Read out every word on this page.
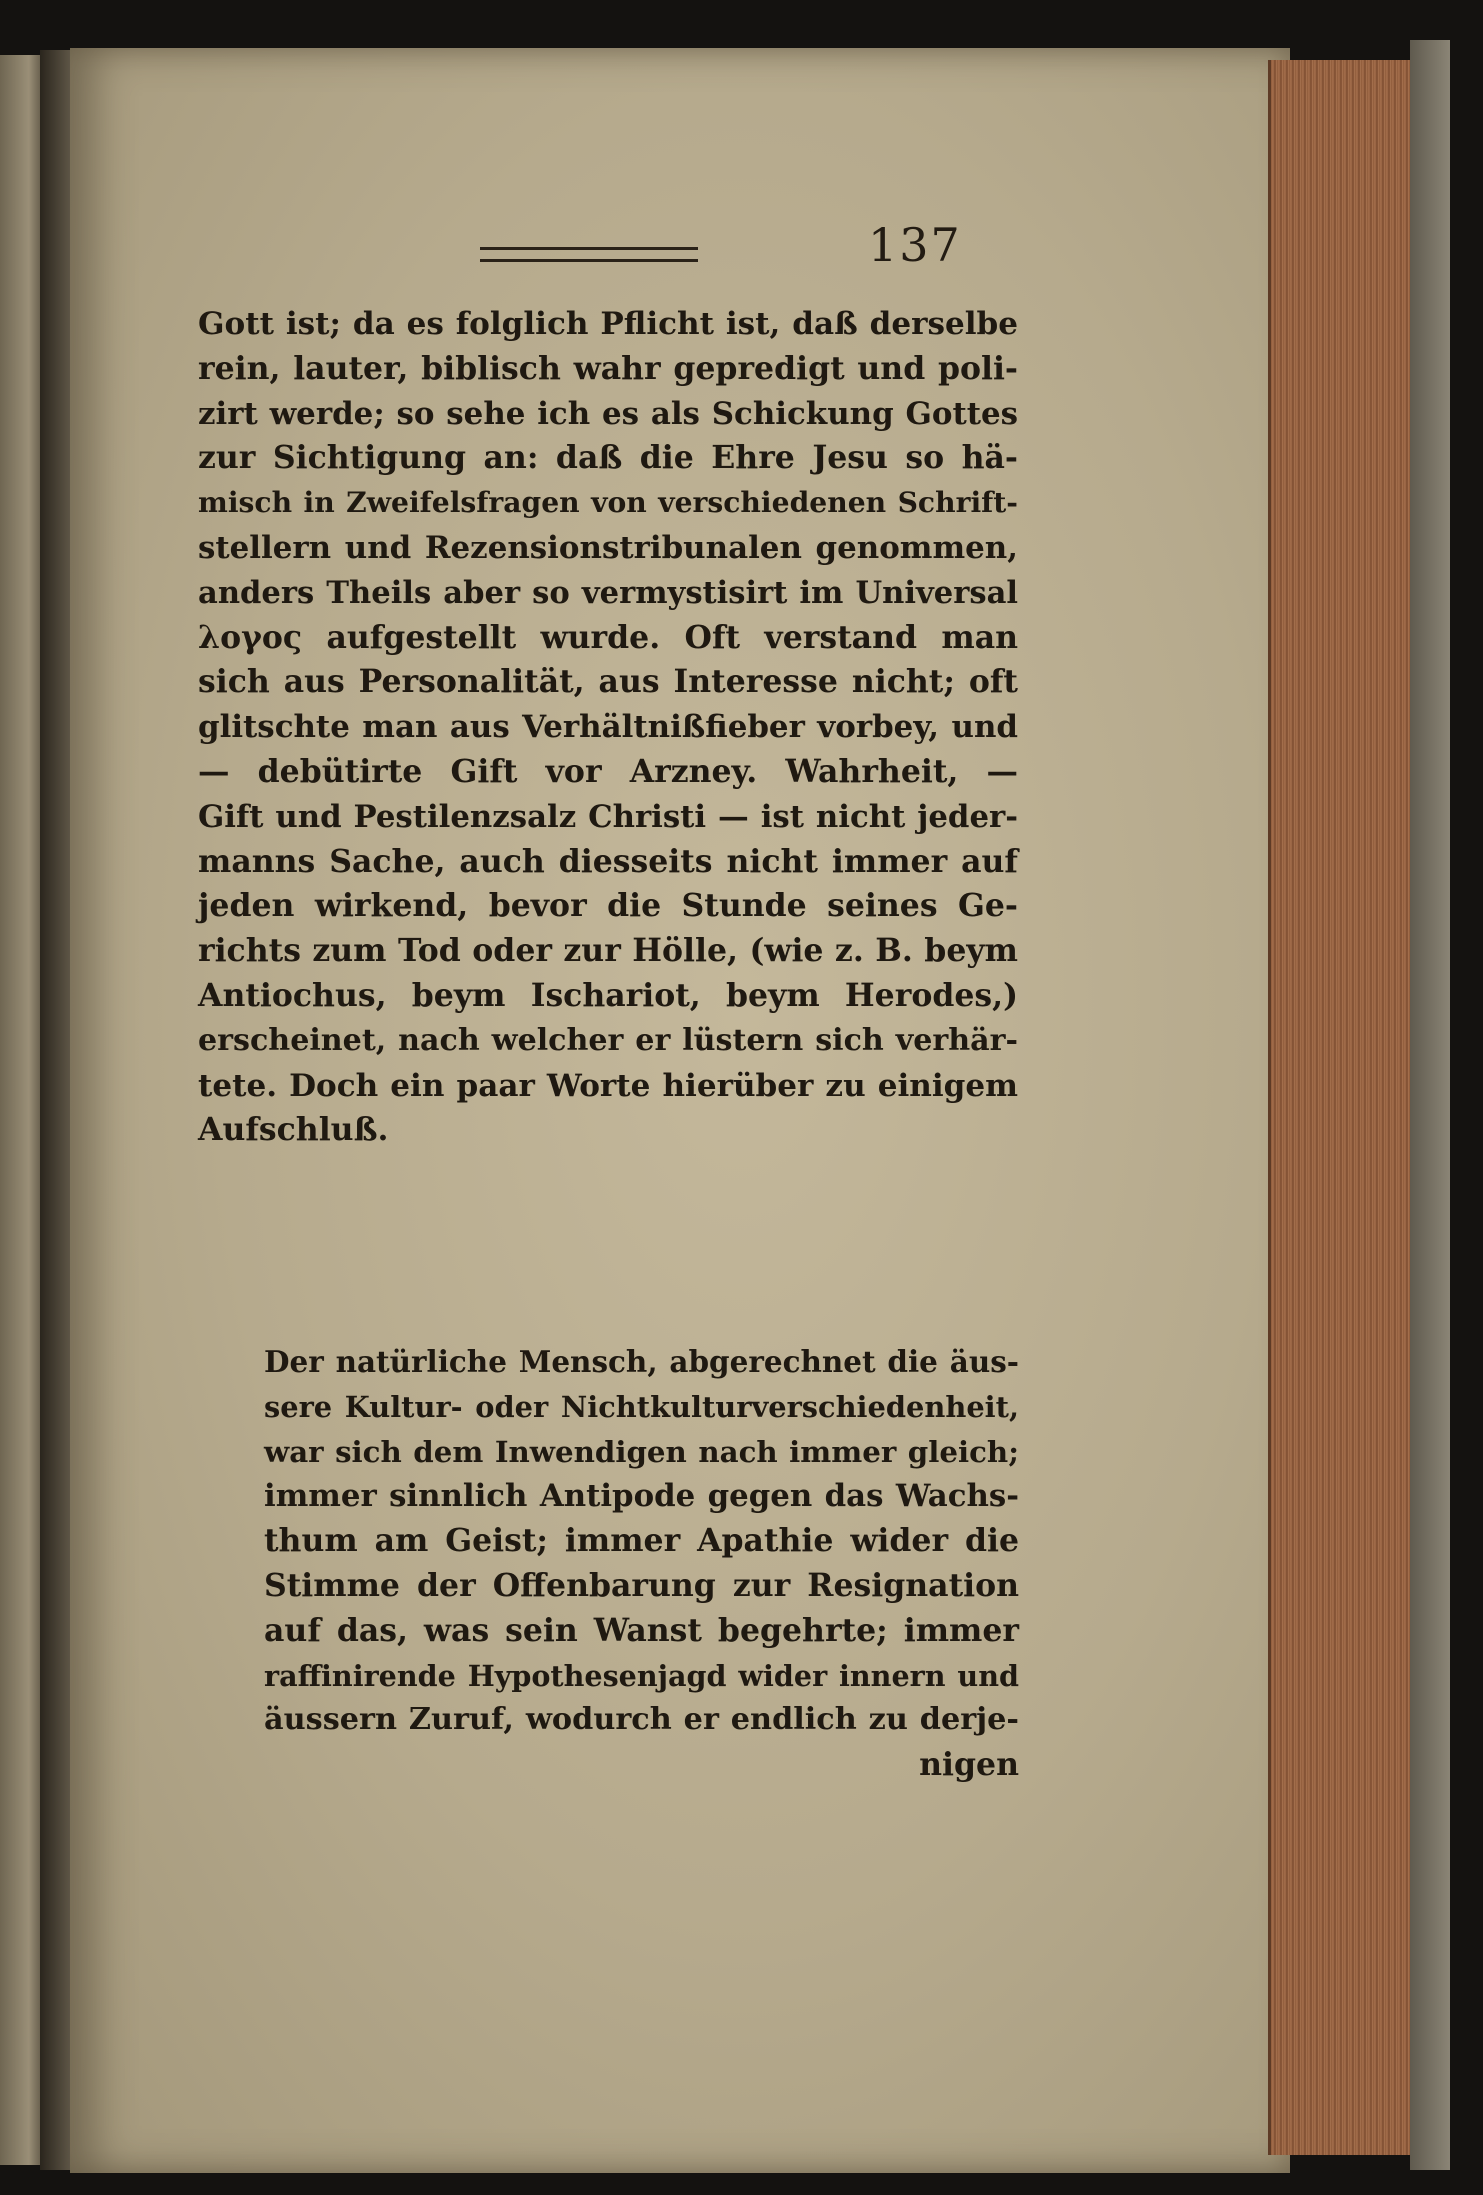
137
Gott ist; da es folglich Pflicht ist, daß derselbe
rein, lauter, biblisch wahr gepredigt und poli-
zirt werde; so sehe ich es als Schickung Gottes
zur Sichtigung an: daß die Ehre Jesu so hä-
misch in Zweifelsfragen von verschiedenen Schrift-
stellern und Rezensionstribunalen genommen,
anders Theils aber so vermystisirt im Universal
λογος aufgestellt wurde. Oft verstand man
sich aus Personalität, aus Interesse nicht; oft
glitschte man aus Verhältnißfieber vorbey, und
— debütirte Gift vor Arzney. Wahrheit, —
Gift und Pestilenzsalz Christi — ist nicht jeder-
manns Sache, auch diesseits nicht immer auf
jeden wirkend, bevor die Stunde seines Ge-
richts zum Tod oder zur Hölle, (wie z. B. beym
Antiochus, beym Ischariot, beym Herodes,)
erscheinet, nach welcher er lüstern sich verhär-
tete. Doch ein paar Worte hierüber zu einigem
Aufschluß.
Der natürliche Mensch, abgerechnet die äus-
sere Kultur- oder Nichtkulturverschiedenheit,
war sich dem Inwendigen nach immer gleich;
immer sinnlich Antipode gegen das Wachs-
thum am Geist; immer Apathie wider die
Stimme der Offenbarung zur Resignation
auf das, was sein Wanst begehrte; immer
raffinirende Hypothesenjagd wider innern und
äussern Zuruf, wodurch er endlich zu derje-
nigen
